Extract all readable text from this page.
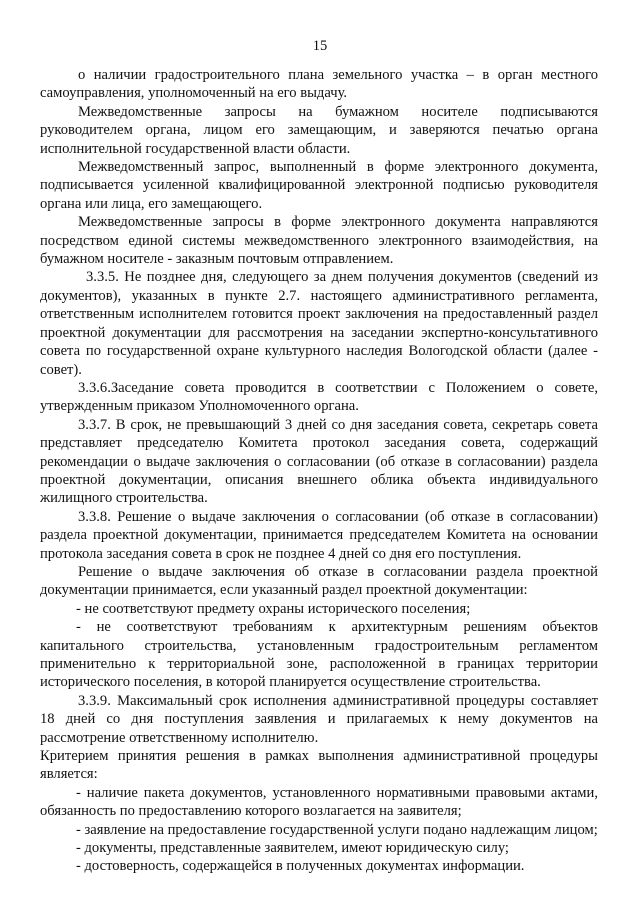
15

о наличии градостроительного плана земельного участка – в орган местного самоуправления, уполномоченный на его выдачу.

Межведомственные запросы на бумажном носителе подписываются руководителем органа, лицом его замещающим, и заверяются печатью органа исполнительной государственной власти области.

Межведомственный запрос, выполненный в форме электронного документа, подписывается усиленной квалифицированной электронной подписью руководителя органа или лица, его замещающего.

Межведомственные запросы в форме электронного документа направляются посредством единой системы межведомственного электронного взаимодействия, на бумажном носителе - заказным почтовым отправлением.

3.3.5. Не позднее дня, следующего за днем получения документов (сведений из документов), указанных в пункте 2.7. настоящего административного регламента, ответственным исполнителем готовится проект заключения на предоставленный раздел проектной документации для рассмотрения на заседании экспертно-консультативного совета по государственной охране культурного наследия Вологодской области (далее - совет).

3.3.6.Заседание совета проводится в соответствии с Положением о совете, утвержденным приказом Уполномоченного органа.

3.3.7. В срок, не превышающий 3 дней со дня заседания совета, секретарь совета представляет председателю Комитета протокол заседания совета, содержащий рекомендации о выдаче заключения о согласовании (об отказе в согласовании) раздела проектной документации, описания внешнего облика объекта индивидуального жилищного строительства.

3.3.8. Решение о выдаче заключения о согласовании (об отказе в согласовании) раздела проектной документации, принимается председателем Комитета на основании протокола заседания совета в срок не позднее 4 дней со дня его поступления.

Решение о выдаче заключения об отказе в согласовании раздела проектной документации принимается, если указанный раздел проектной документации:

- не соответствуют предмету охраны исторического поселения;

- не соответствуют требованиям к архитектурным решениям объектов капитального строительства, установленным градостроительным регламентом применительно к территориальной зоне, расположенной в границах территории исторического поселения, в которой планируется осуществление строительства.

3.3.9. Максимальный срок исполнения административной процедуры составляет 18 дней со дня поступления заявления и прилагаемых к нему документов на рассмотрение ответственному исполнителю.

Критерием принятия решения в рамках выполнения административной процедуры является:

- наличие пакета документов, установленного нормативными правовыми актами, обязанность по предоставлению которого возлагается на заявителя;

- заявление на предоставление государственной услуги подано надлежащим лицом;

- документы, представленные заявителем, имеют юридическую силу;

- достоверность, содержащейся в полученных документах информации.
